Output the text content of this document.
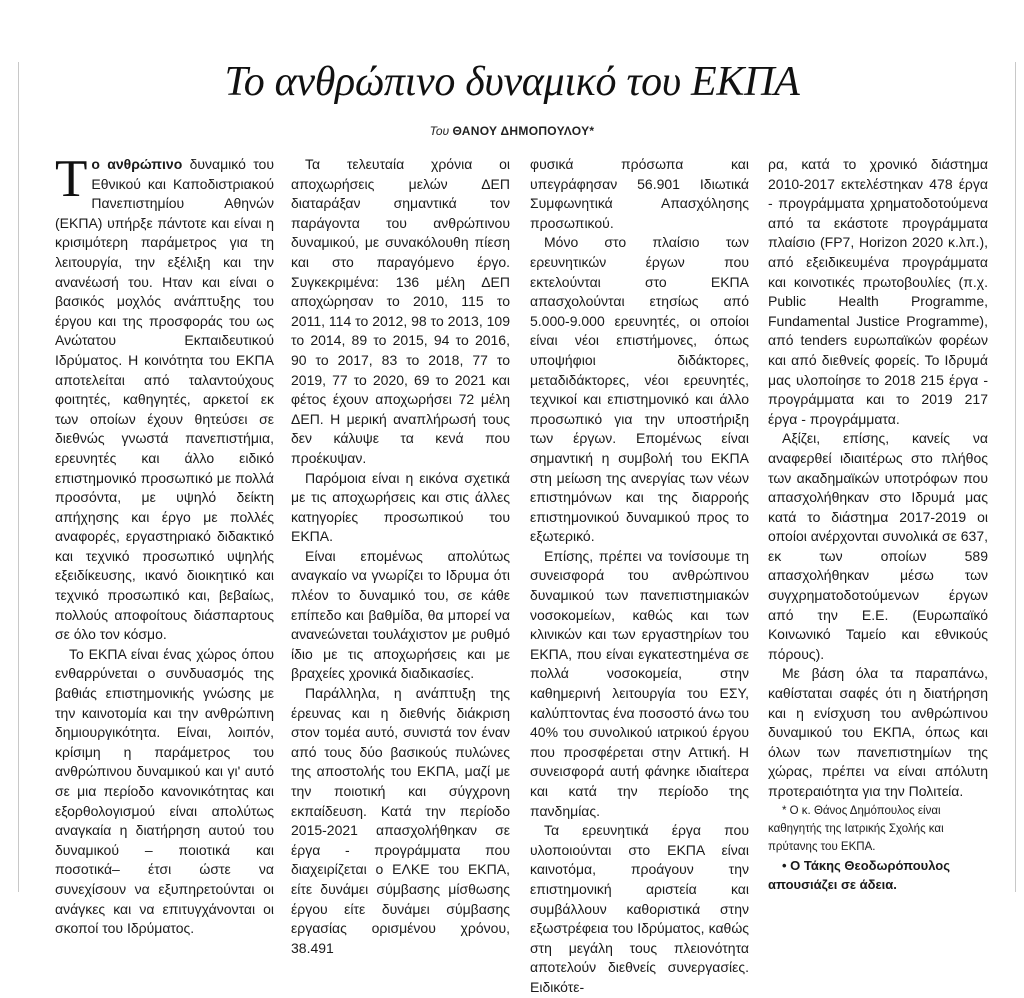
Το ανθρώπινο δυναμικό του ΕΚΠΑ
Του ΘΑΝΟΥ ΔΗΜΟΠΟΥΛΟΥ*

Το ανθρώπινο δυναμικό του Εθνικού και Καποδιστριακού Πανεπιστημίου Αθηνών (ΕΚΠΑ) υπήρξε πάντοτε και είναι η κρισιμότερη παράμετρος για τη λειτουργία, την εξέλιξη και την ανανέωσή του. Ηταν και είναι ο βασικός μοχλός ανάπτυξης του έργου και της προσφοράς του ως Ανώτατου Εκπαιδευτικού Ιδρύματος. Η κοινότητα του ΕΚΠΑ αποτελείται από ταλαντούχους φοιτητές, καθηγητές, αρκετοί εκ των οποίων έχουν θητεύσει σε διεθνώς γνωστά πανεπιστήμια, ερευνητές και άλλο ειδικό επιστημονικό προσωπικό με πολλά προσόντα, με υψηλό δείκτη απήχησης και έργο με πολλές αναφορές, εργαστηριακό διδακτικό και τεχνικό προσωπικό υψηλής εξειδίκευσης, ικανό διοικητικό και τεχνικό προσωπικό και, βεβαίως, πολλούς αποφοίτους διάσπαρτους σε όλο τον κόσμο.

Το ΕΚΠΑ είναι ένας χώρος όπου ενθαρρύνεται ο συνδυασμός της βαθιάς επιστημονικής γνώσης με την καινοτομία και την ανθρώπινη δημιουργικότητα. Είναι, λοιπόν, κρίσιμη η παράμετρος του ανθρώπινου δυναμικού και γι' αυτό σε μια περίοδο κανονικότητας και εξορθολογισμού είναι απολύτως αναγκαία η διατήρηση αυτού του δυναμικού – ποιοτικά και ποσοτικά– έτσι ώστε να συνεχίσουν να εξυπηρετούνται οι ανάγκες και να επιτυγχάνονται οι σκοποί του Ιδρύματος.

Τα τελευταία χρόνια οι αποχωρήσεις μελών ΔΕΠ διαταράξαν σημαντικά τον παράγοντα του ανθρώπινου δυναμικού, με συνακόλουθη πίεση και στο παραγόμενο έργο. Συγκεκριμένα: 136 μέλη ΔΕΠ αποχώρησαν το 2010, 115 το 2011, 114 το 2012, 98 το 2013, 109 το 2014, 89 το 2015, 94 το 2016, 90 το 2017, 83 το 2018, 77 το 2019, 77 το 2020, 69 το 2021 και φέτος έχουν αποχωρήσει 72 μέλη ΔΕΠ. Η μερική αναπλήρωσή τους δεν κάλυψε τα κενά που προέκυψαν.

Παρόμοια είναι η εικόνα σχετικά με τις αποχωρήσεις και στις άλλες κατηγορίες προσωπικού του ΕΚΠΑ.

Είναι επομένως απολύτως αναγκαίο να γνωρίζει το Ιδρυμα ότι πλέον το δυναμικό του, σε κάθε επίπεδο και βαθμίδα, θα μπορεί να ανανεώνεται τουλάχιστον με ρυθμό ίδιο με τις αποχωρήσεις και με βραχείες χρονικά διαδικασίες.

Παράλληλα, η ανάπτυξη της έρευνας και η διεθνής διάκριση στον τομέα αυτό, συνιστά τον έναν από τους δύο βασικούς πυλώνες της αποστολής του ΕΚΠΑ, μαζί με την ποιοτική και σύγχρονη εκπαίδευση. Κατά την περίοδο 2015-2021 απασχολήθηκαν σε έργα - προγράμματα που διαχειρίζεται ο ΕΛΚΕ του ΕΚΠΑ, είτε δυνάμει σύμβασης μίσθωσης έργου είτε δυνάμει σύμβασης εργασίας ορισμένου χρόνου, 38.491

φυσικά πρόσωπα και υπεγράφησαν 56.901 Ιδιωτικά Συμφωνητικά Απασχόλησης προσωπικού.

Μόνο στο πλαίσιο των ερευνητικών έργων που εκτελούνται στο ΕΚΠΑ απασχολούνται ετησίως από 5.000-9.000 ερευνητές, οι οποίοι είναι νέοι επιστήμονες, όπως υποψήφιοι διδάκτορες, μεταδιδάκτορες, νέοι ερευνητές, τεχνικοί και επιστημονικό και άλλο προσωπικό για την υποστήριξη των έργων. Επομένως είναι σημαντική η συμβολή του ΕΚΠΑ στη μείωση της ανεργίας των νέων επιστημόνων και της διαρροής επιστημονικού δυναμικού προς το εξωτερικό.

Επίσης, πρέπει να τονίσουμε τη συνεισφορά του ανθρώπινου δυναμικού των πανεπιστημιακών νοσοκομείων, καθώς και των κλινικών και των εργαστηρίων του ΕΚΠΑ, που είναι εγκατεστημένα σε πολλά νοσοκομεία, στην καθημερινή λειτουργία του ΕΣΥ, καλύπτοντας ένα ποσοστό άνω του 40% του συνολικού ιατρικού έργου που προσφέρεται στην Αττική. Η συνεισφορά αυτή φάνηκε ιδιαίτερα και κατά την περίοδο της πανδημίας.

Τα ερευνητικά έργα που υλοποιούνται στο ΕΚΠΑ είναι καινοτόμα, προάγουν την επιστημονική αριστεία και συμβάλλουν καθοριστικά στην εξωστρέφεια του Ιδρύματος, καθώς στη μεγάλη τους πλειονότητα αποτελούν διεθνείς συνεργασίες. Ειδικότε-

ρα, κατά το χρονικό διάστημα 2010-2017 εκτελέστηκαν 478 έργα - προγράμματα χρηματοδοτούμενα από τα εκάστοτε προγράμματα πλαίσιο (FP7, Horizon 2020 κ.λπ.), από εξειδικευμένα προγράμματα και κοινοτικές πρωτοβουλίες (π.χ. Public Health Programme, Fundamental Justice Programme), από tenders ευρωπαϊκών φορέων και από διεθνείς φορείς. Το Ιδρυμά μας υλοποίησε το 2018 215 έργα - προγράμματα και το 2019 217 έργα - προγράμματα.

Αξίζει, επίσης, κανείς να αναφερθεί ιδιαιτέρως στο πλήθος των ακαδημαϊκών υποτρόφων που απασχολήθηκαν στο Ιδρυμά μας κατά το διάστημα 2017-2019 οι οποίοι ανέρχονται συνολικά σε 637, εκ των οποίων 589 απασχολήθηκαν μέσω των συγχρηματοδοτούμενων έργων από την Ε.Ε. (Ευρωπαϊκό Κοινωνικό Ταμείο και εθνικούς πόρους).

Με βάση όλα τα παραπάνω, καθίσταται σαφές ότι η διατήρηση και η ενίσχυση του ανθρώπινου δυναμικού του ΕΚΠΑ, όπως και όλων των πανεπιστημίων της χώρας, πρέπει να είναι απόλυτη προτεραιότητα για την Πολιτεία.

* Ο κ. Θάνος Δημόπουλος είναι καθηγητής της Ιατρικής Σχολής και πρύτανης του ΕΚΠΑ.

• Ο Τάκης Θεοδωρόπουλος απουσιάζει σε άδεια.
